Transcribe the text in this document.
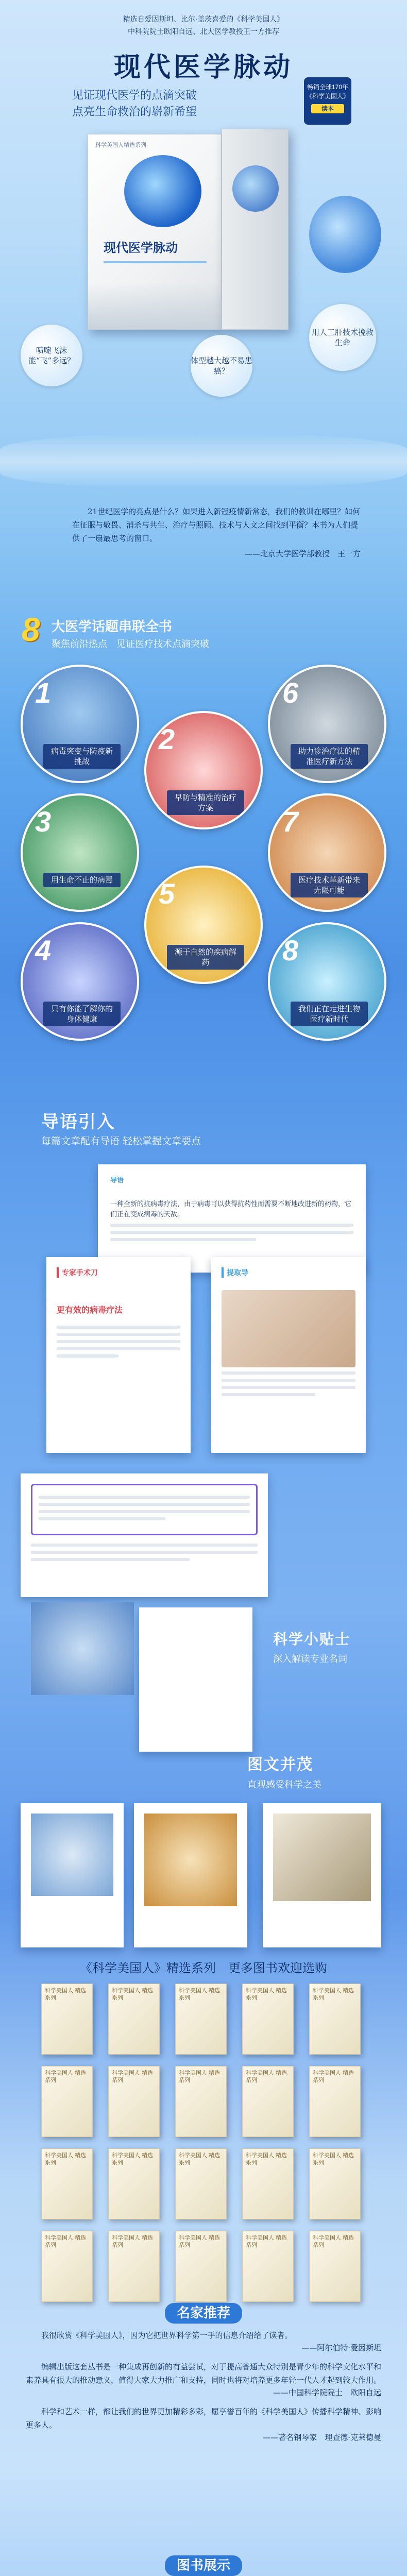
精选自爱因斯坦、比尔·盖茨喜爱的《科学美国人》
中科院院士欧阳自远、北大医学教授王一方推荐
现代医学脉动
见证现代医学的点滴突破
点亮生命救治的崭新希望
畅销全球170年
《科学美国人》
读本
科学美国人精选系列
现代医学脉动
喷嚏飞沫能“飞”多远？	体型越大越不易患癌？
用人工肝技术挽救生命

21世纪医学的亮点是什么？如果进入新冠疫情新常态，我们的教训在哪里？如何在征服与敬畏、消杀与共生、治疗与照顾、技术与人文之间找到平衡？本书为人们提供了一扇最思考的窗口。

——北京大学医学部教授　王一方

8 大医学话题串联全书
聚焦前沿热点　见证医疗技术点滴突破
1
病毒突变与防疫新挑战
2
早防与精准的治疗方案
6
助力诊治疗法的精准医疗新方法
3
用生命不止的病毒
7
医疗技术革新带来无限可能
5
源于自然的疾病解药
4
只有你能了解你的身体健康
8
我们正在走进生物医疗新时代
导语引入
每篇文章配有导语 轻松掌握文章要点
导语
一种全新的抗病毒疗法，由于病毒可以获得抗药性而需要不断地改进新的药物，它们正在变成病毒的天敌。
专家手术刀
更有效的病毒疗法
提取导
科学小贴士
深入解读专业名词
图文并茂
直观感受科学之美
《科学美国人》精选系列　更多图书欢迎选购
科学美国人 精选系列
科学美国人 精选系列
科学美国人 精选系列
科学美国人 精选系列
科学美国人 精选系列
科学美国人 精选系列
科学美国人 精选系列
科学美国人 精选系列
科学美国人 精选系列
科学美国人 精选系列
科学美国人 精选系列
科学美国人 精选系列
科学美国人 精选系列
科学美国人 精选系列
科学美国人 精选系列
科学美国人 精选系列
科学美国人 精选系列
科学美国人 精选系列
科学美国人 精选系列
科学美国人 精选系列
名家推荐

我很欣赏《科学美国人》，因为它把世界科学第一手的信息介绍给了读者。

——阿尔伯特·爱因斯坦

编辑出版这套丛书是一种集成再创新的有益尝试，对于提高普通大众特别是青少年的科学文化水平和素养具有很大的推动意义，值得大家大力推广和支持，同时也将对培养更多年轻一代人才起到较大作用。

——中国科学院院士　欧阳自远

科学和艺术一样，都让我们的世界更加精彩多彩，愿享誉百年的《科学美国人》传播科学精神、影响更多人。

——著名钢琴家　理查德·克莱德曼

图书展示
